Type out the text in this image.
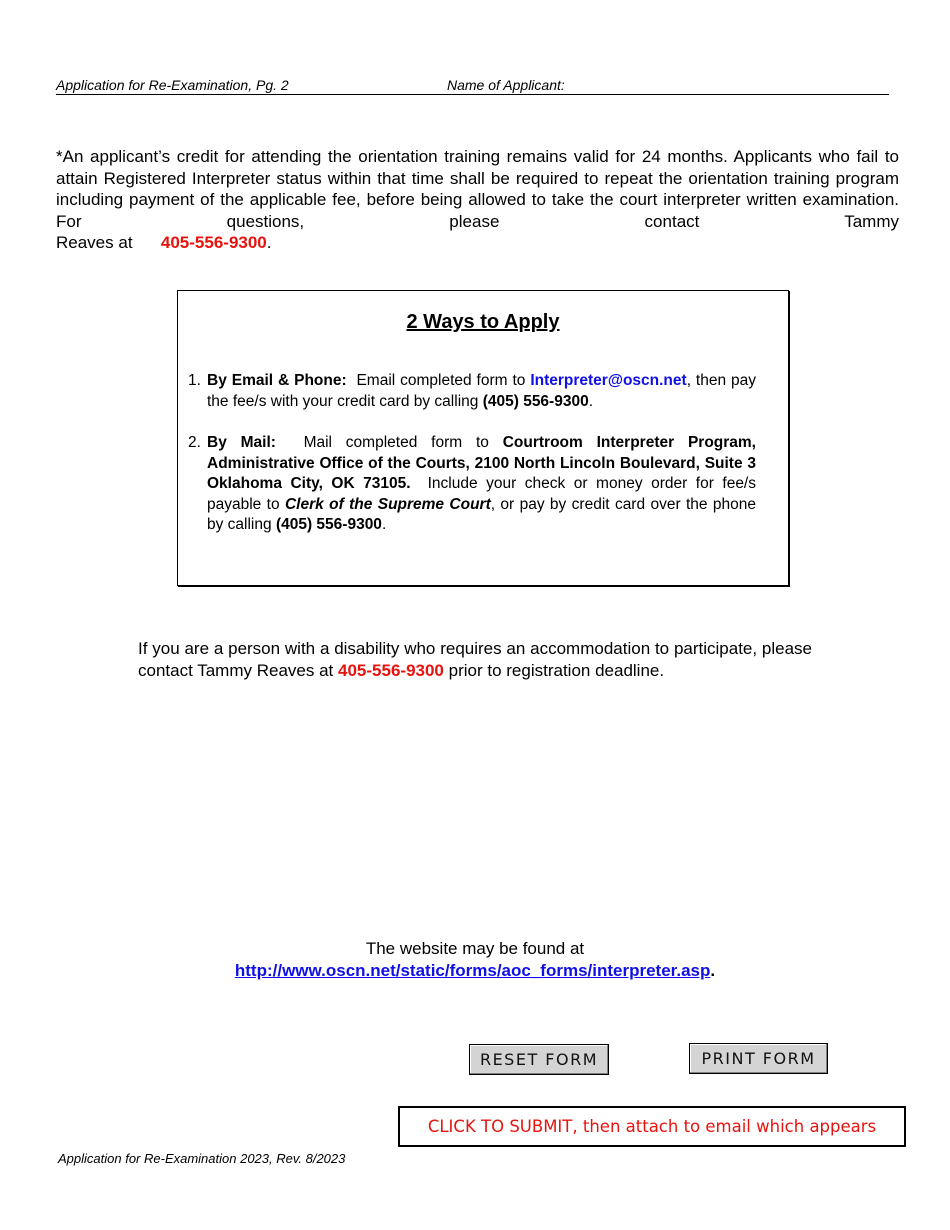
Application for Re-Examination, Pg. 2	Name of Applicant:
*An applicant’s credit for attending the orientation training remains valid for 24 months. Applicants who fail to attain Registered Interpreter status within that time shall be required to repeat the orientation training program including payment of the applicable fee, before being allowed to take the court interpreter written examination. For questions, please contact Tammy
Reaves at 405-556-9300.
2 Ways to Apply
1. By Email & Phone: Email completed form to Interpreter@oscn.net, then pay the fee/s with your credit card by calling (405) 556-9300.
2. By Mail: Mail completed form to Courtroom Interpreter Program, Administrative Office of the Courts, 2100 North Lincoln Boulevard, Suite 3 Oklahoma City, OK 73105. Include your check or money order for fee/s payable to Clerk of the Supreme Court, or pay by credit card over the phone by calling (405) 556-9300.
If you are a person with a disability who requires an accommodation to participate, please contact Tammy Reaves at 405-556-9300 prior to registration deadline.
The website may be found at
http://www.oscn.net/static/forms/aoc_forms/interpreter.asp.
RESET FORM	PRINT FORM
CLICK TO SUBMIT, then attach to email which appears
Application for Re-Examination 2023, Rev. 8/2023
